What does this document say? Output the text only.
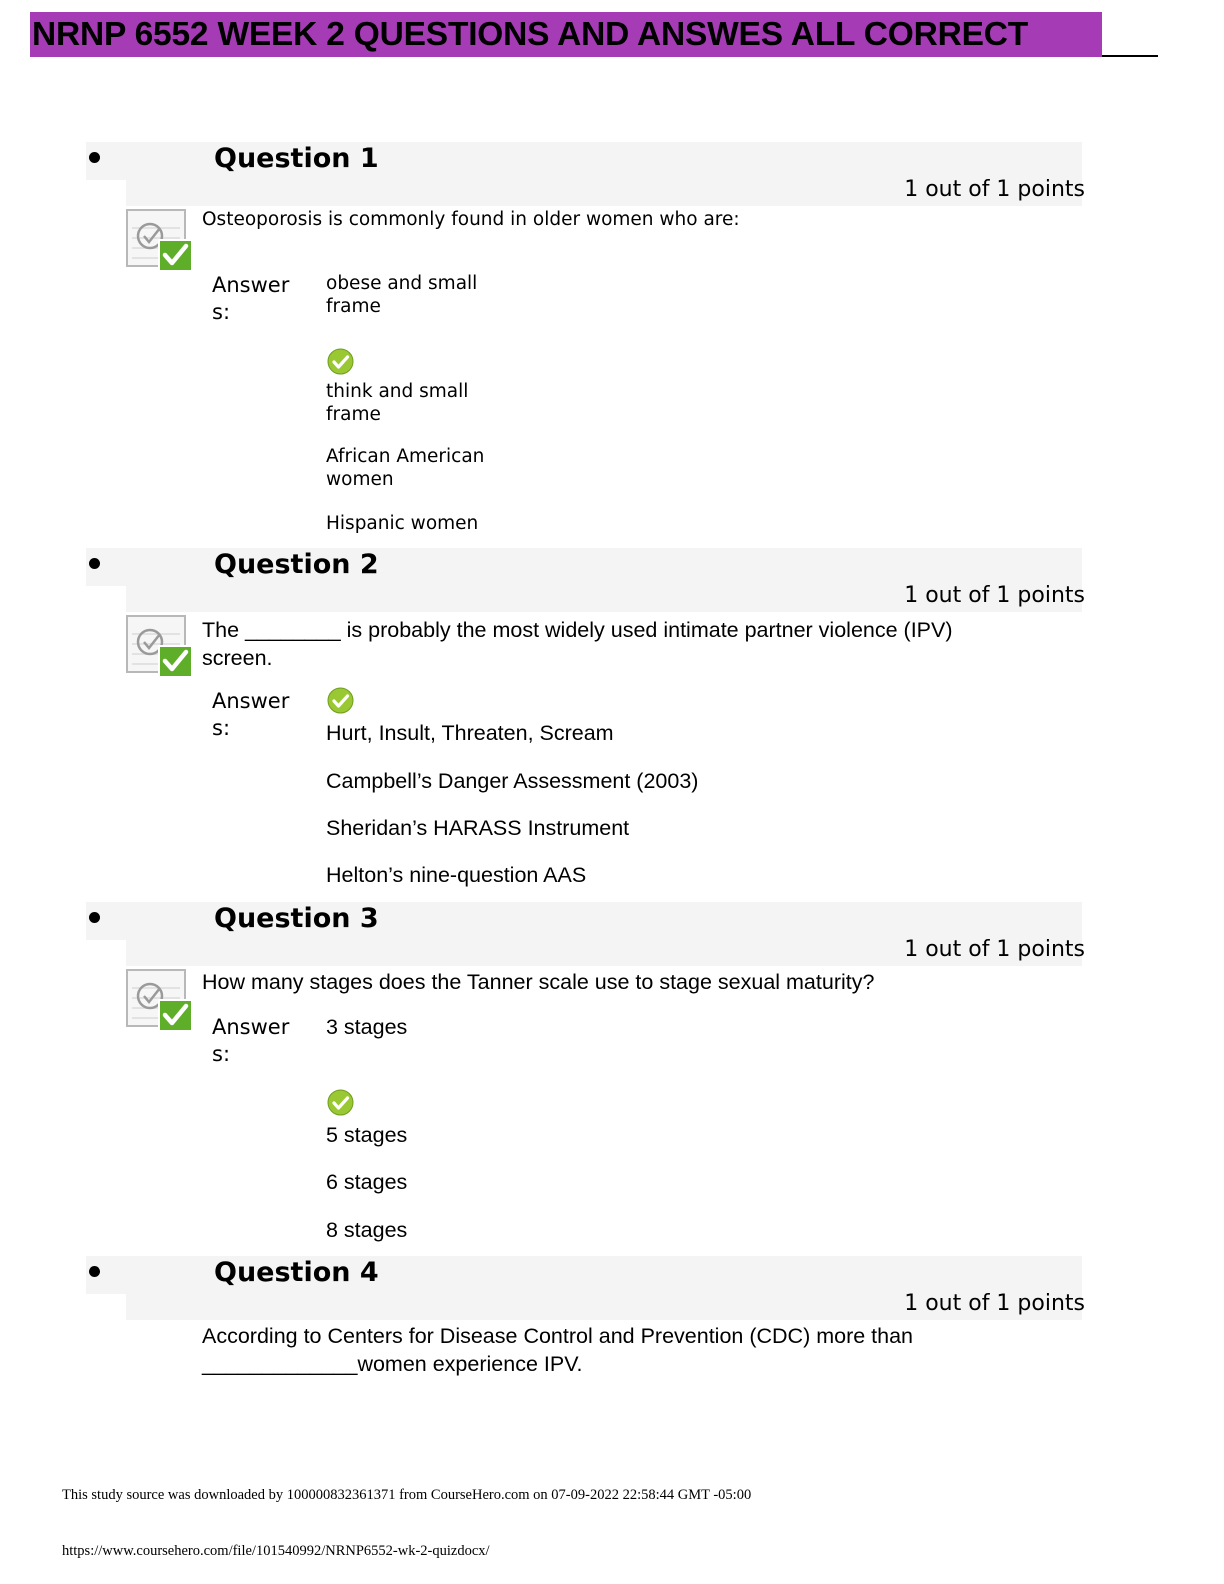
NRNP 6552 WEEK 2 QUESTIONS AND ANSWES ALL CORRECT
Question 1
1 out of 1 points
Osteoporosis is commonly found in older women who are:
Answer s:
obese and small frame
think and small frame
African American women
Hispanic women
Question 2
1 out of 1 points
The ________ is probably the most widely used intimate partner violence (IPV) screen.
Answer s:	Hurt, Insult, Threaten, Scream
Campbell’s Danger Assessment (2003)
Sheridan’s HARASS Instrument
Helton’s nine-question AAS
Question 3
1 out of 1 points
How many stages does the Tanner scale use to stage sexual maturity?
Answer s:
3 stages
5 stages
6 stages
8 stages
Question 4
1 out of 1 points
According to Centers for Disease Control and Prevention (CDC) more than _____________women experience IPV.
This study source was downloaded by 100000832361371 from CourseHero.com on 07-09-2022 22:58:44 GMT -05:00
https://www.coursehero.com/file/101540992/NRNP6552-wk-2-quizdocx/
